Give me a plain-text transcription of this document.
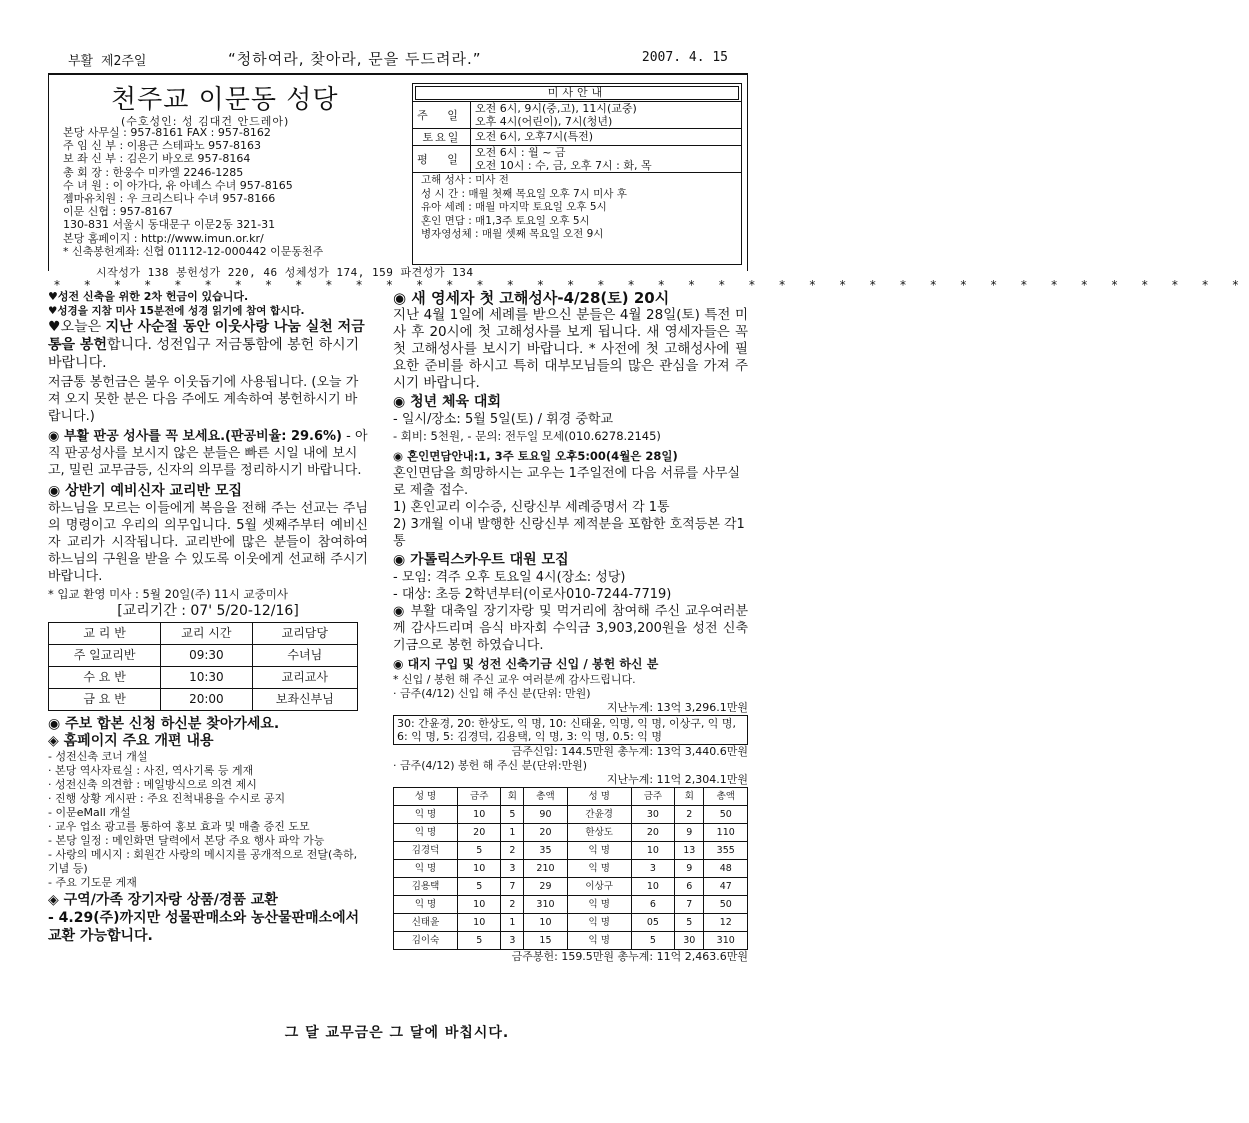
부활 제2주일	“청하여라, 찾아라, 문을 두드려라.”	2007. 4. 15
천주교 이문동 성당
(수호성인: 성 김대건 안드레아)
본당 사무실 : 957-8161 FAX : 957-8162
주 임 신 부 : 이용근 스테파노 957-8163
보 좌 신 부 : 김은기 바오로 957-8164
총 회 장 : 한웅수 미카엘 2246-1285
수 녀 원 : 이 아가다, 유 아녜스 수녀 957-8165
젬마유치원 : 우 크리스티나 수녀 957-8166
이문 신협 : 957-8167
130-831 서울시 동대문구 이문2동 321-31
본당 홈페이지 : http://www.imun.or.kr/
* 신축봉헌계좌: 신협 01112-12-000442 이문동천주
미사안내
주 일
오전 6시, 9시(중,고), 11시(교중)
오후 4시(어린이), 7시(청년)
토요일	오전 6시, 오후7시(특전)
평 일
오전 6시 : 월 ~ 금
오전 10시 : 수, 금, 오후 7시 : 화, 목
고해 성사 : 미사 전
성 시 간 : 매월 첫째 목요일 오후 7시 미사 후
유아 세례 : 매월 마지막 토요일 오후 5시
혼인 면담 : 매1,3주 토요일 오후 5시
병자영성체 : 매월 셋째 목요일 오전 9시
시작성가 138 봉헌성가 220, 46 성체성가 174, 159 파견성가 134
* * * * * * * * * * * * * * * * * * * * * * * * * * * * * * * * * * * * * * * *

♥성전 신축을 위한 2차 헌금이 있습니다.

♥성경을 지참 미사 15분전에 성경 읽기에 참여 합시다.

♥오늘은 지난 사순절 동안 이웃사랑 나눔 실천 저금통을 봉헌합니다. 성전입구 저금통함에 봉헌 하시기 바랍니다.

저금통 봉헌금은 불우 이웃돕기에 사용됩니다. (오늘 가져 오지 못한 분은 다음 주에도 계속하여 봉헌하시기 바랍니다.)

◉ 부활 판공 성사를 꼭 보세요.(판공비율: 29.6%) - 아직 판공성사를 보시지 않은 분들은 빠른 시일 내에 보시고, 밀린 교무금등, 신자의 의무를 정리하시기 바랍니다.

◉ 상반기 예비신자 교리반 모집

하느님을 모르는 이들에게 복음을 전해 주는 선교는 주님의 명령이고 우리의 의무입니다. 5월 셋째주부터 예비신자 교리가 시작됩니다. 교리반에 많은 분들이 참여하여 하느님의 구원을 받을 수 있도록 이웃에게 선교해 주시기 바랍니다.

* 입교 환영 미사 : 5월 20일(주) 11시 교중미사

[교리기간 : 07' 5/20-12/16]

교 리 반	교리 시간	교리담당
주 일교리반	09:30	수녀님
수 요 반	10:30	교리교사
금 요 반	20:00	보좌신부님

◉ 주보 합본 신청 하신분 찾아가세요.

◈ 홈페이지 주요 개편 내용

- 성전신축 코너 개설
· 본당 역사자료실 : 사진, 역사기록 등 게재
· 성전신축 의견함 : 메일방식으로 의견 제시
· 진행 상황 게시판 : 주요 진척내용을 수시로 공지
- 이문eMall 개설
· 교우 업소 광고를 통하여 홍보 효과 및 매출 증진 도모
- 본당 일정 : 메인화면 달력에서 본당 주요 행사 파악 가능
- 사랑의 메시지 : 회원간 사랑의 메시지를 공개적으로 전달(축하, 기념 등)
- 주요 기도문 게재

◈ 구역/가족 장기자랑 상품/경품 교환

- 4.29(주)까지만 성물판매소와 농산물판매소에서 교환 가능합니다.

◉ 새 영세자 첫 고해성사-4/28(토) 20시

지난 4월 1일에 세례를 받으신 분들은 4월 28일(토) 특전 미사 후 20시에 첫 고해성사를 보게 됩니다. 새 영세자들은 꼭 첫 고해성사를 보시기 바랍니다. * 사전에 첫 고해성사에 필요한 준비를 하시고 특히 대부모님들의 많은 관심을 가져 주시기 바랍니다.

◉ 청년 체육 대회

- 일시/장소: 5월 5일(토) / 휘경 중학교
- 회비: 5천원, - 문의: 전두일 모세(010.6278.2145)

◉ 혼인면담안내:1, 3주 토요일 오후5:00(4월은 28일)

혼인면담을 희망하시는 교우는 1주일전에 다음 서류를 사무실로 제출 접수.

1) 혼인교리 이수증, 신랑신부 세례증명서 각 1통
2) 3개월 이내 발행한 신랑신부 제적분을 포함한 호적등본 각1통

◉ 가톨릭스카우트 대원 모집

- 모임: 격주 오후 토요일 4시(장소: 성당)
- 대상: 초등 2학년부터(이로사010-7244-7719)

◉ 부활 대축일 장기자랑 및 먹거리에 참여해 주신 교우여러분께 감사드리며 음식 바자회 수익금 3,903,200원을 성전 신축기금으로 봉헌 하였습니다.

◉ 대지 구입 및 성전 신축기금 신입 / 봉헌 하신 분

* 신입 / 봉헌 해 주신 교우 여러분께 감사드립니다.

· 금주(4/12) 신입 해 주신 분(단위: 만원)

지난누계: 13억 3,296.1만원

30: 간윤경, 20: 한상도, 익 명, 10: 신태윤, 익명, 익 명, 이상구, 익 명, 6: 익 명, 5: 김경덕, 김용택, 익 명, 3: 익 명, 0.5: 익 명

금주신입: 144.5만원 총누계: 13억 3,440.6만원

· 금주(4/12) 봉헌 해 주신 분(단위:만원)

지난누계: 11억 2,304.1만원

성 명	금주	회	총액	성 명	금주	회	총액
익 명	10	5	90	간윤경	30	2	50
익 명	20	1	20	한상도	20	9	110
김경덕	5	2	35	익 명	10	13	355
익 명	10	3	210	익 명	3	9	48
김용택	5	7	29	이상구	10	6	47
익 명	10	2	310	익 명	6	7	50
신태윤	10	1	10	익 명	05	5	12
김이숙	5	3	15	익 명	5	30	310

금주봉헌: 159.5만원 총누계: 11억 2,463.6만원

그 달 교무금은 그 달에 바칩시다.
